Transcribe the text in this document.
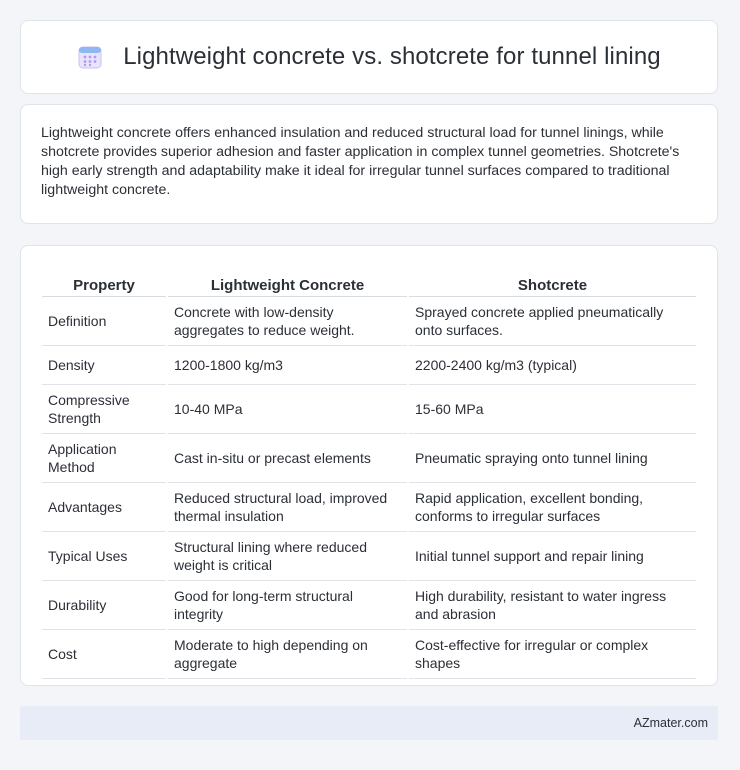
Lightweight concrete vs. shotcrete for tunnel lining

Lightweight concrete offers enhanced insulation and reduced structural load for tunnel linings, while shotcrete provides superior adhesion and faster application in complex tunnel geometries. Shotcrete's high early strength and adaptability make it ideal for irregular tunnel surfaces compared to traditional lightweight concrete.

Property	Lightweight Concrete	Shotcrete
Definition	Concrete with low-density aggregates to reduce weight.	Sprayed concrete applied pneumatically onto surfaces.
Density	1200-1800 kg/m3	2200-2400 kg/m3 (typical)
Compressive Strength	10-40 MPa	15-60 MPa
Application Method	Cast in-situ or precast elements	Pneumatic spraying onto tunnel lining
Advantages	Reduced structural load, improved thermal insulation	Rapid application, excellent bonding, conforms to irregular surfaces
Typical Uses	Structural lining where reduced weight is critical	Initial tunnel support and repair lining
Durability	Good for long-term structural integrity	High durability, resistant to water ingress and abrasion
Cost	Moderate to high depending on aggregate	Cost-effective for irregular or complex shapes
AZmater.com
